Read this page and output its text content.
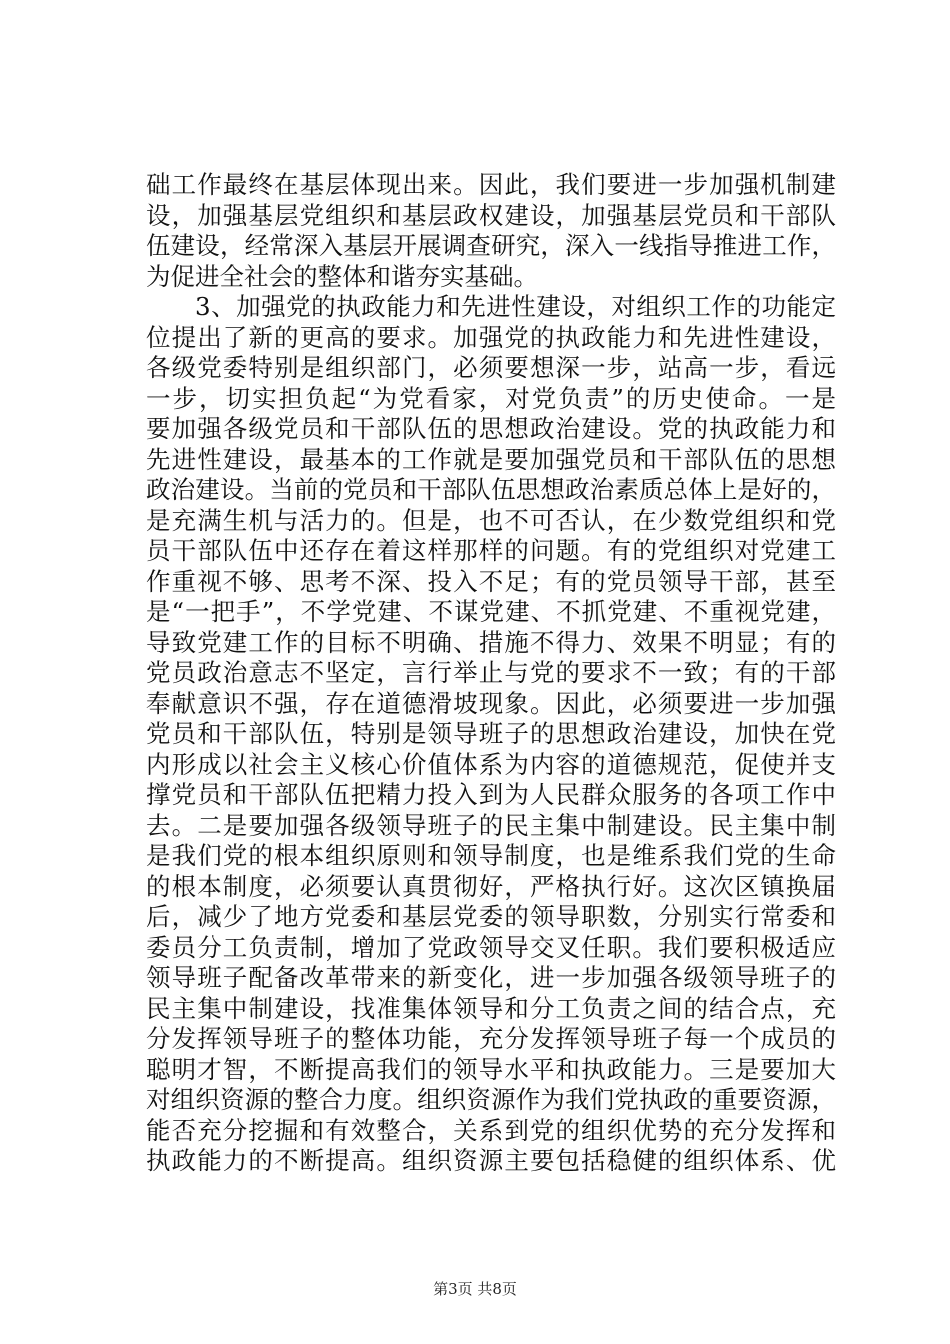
础工作最终在基层体现出来。因此，我们要进一步加强机制建
设，加强基层党组织和基层政权建设，加强基层党员和干部队
伍建设，经常深入基层开展调查研究，深入一线指导推进工作，
为促进全社会的整体和谐夯实基础。
3、加强党的执政能力和先进性建设，对组织工作的功能定
位提出了新的更高的要求。加强党的执政能力和先进性建设，
各级党委特别是组织部门，必须要想深一步，站高一步，看远
一步，切实担负起“为党看家，对党负责”的历史使命。一是
要加强各级党员和干部队伍的思想政治建设。党的执政能力和
先进性建设，最基本的工作就是要加强党员和干部队伍的思想
政治建设。当前的党员和干部队伍思想政治素质总体上是好的，
是充满生机与活力的。但是，也不可否认，在少数党组织和党
员干部队伍中还存在着这样那样的问题。有的党组织对党建工
作重视不够、思考不深、投入不足；有的党员领导干部，甚至
是“一把手”，不学党建、不谋党建、不抓党建、不重视党建，
导致党建工作的目标不明确、措施不得力、效果不明显；有的
党员政治意志不坚定，言行举止与党的要求不一致；有的干部
奉献意识不强，存在道德滑坡现象。因此，必须要进一步加强
党员和干部队伍，特别是领导班子的思想政治建设，加快在党
内形成以社会主义核心价值体系为内容的道德规范，促使并支
撑党员和干部队伍把精力投入到为人民群众服务的各项工作中
去。二是要加强各级领导班子的民主集中制建设。民主集中制
是我们党的根本组织原则和领导制度，也是维系我们党的生命
的根本制度，必须要认真贯彻好，严格执行好。这次区镇换届
后，减少了地方党委和基层党委的领导职数，分别实行常委和
委员分工负责制，增加了党政领导交叉任职。我们要积极适应
领导班子配备改革带来的新变化，进一步加强各级领导班子的
民主集中制建设，找准集体领导和分工负责之间的结合点，充
分发挥领导班子的整体功能，充分发挥领导班子每一个成员的
聪明才智，不断提高我们的领导水平和执政能力。三是要加大
对组织资源的整合力度。组织资源作为我们党执政的重要资源，
能否充分挖掘和有效整合，关系到党的组织优势的充分发挥和
执政能力的不断提高。组织资源主要包括稳健的组织体系、优
第3页 共8页
